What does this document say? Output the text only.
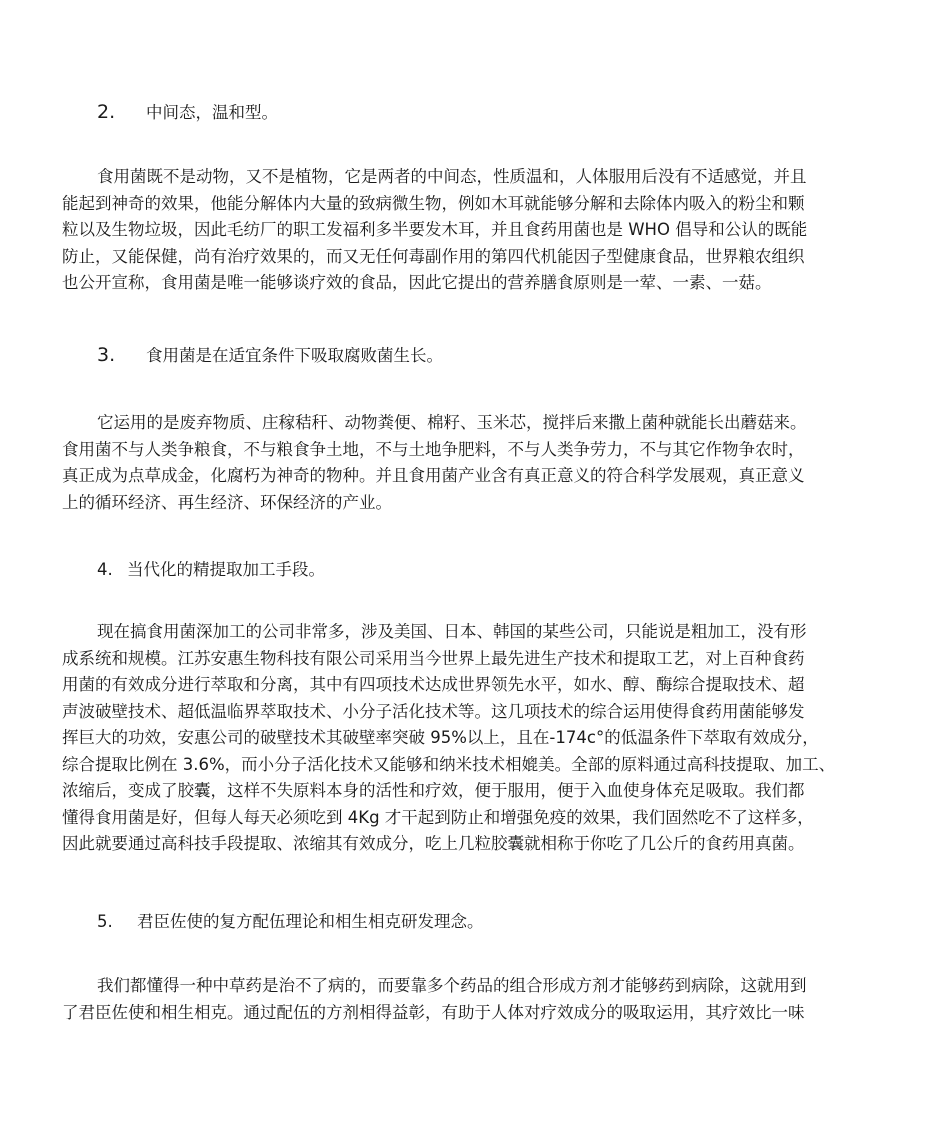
2. 中间态，温和型。
食用菌既不是动物，又不是植物，它是两者的中间态，性质温和，人体服用后没有不适感觉，并且
能起到神奇的效果，他能分解体内大量的致病微生物，例如木耳就能够分解和去除体内吸入的粉尘和颗
粒以及生物垃圾，因此毛纺厂的职工发福利多半要发木耳，并且食药用菌也是 WHO 倡导和公认的既能
防止，又能保健，尚有治疗效果的，而又无任何毒副作用的第四代机能因子型健康食品，世界粮农组织
也公开宣称，食用菌是唯一能够谈疗效的食品，因此它提出的营养膳食原则是一荤、一素、一菇。
3. 食用菌是在适宜条件下吸取腐败菌生长。
它运用的是废弃物质、庄稼秸秆、动物粪便、棉籽、玉米芯，搅拌后来撒上菌种就能长出蘑菇来。
食用菌不与人类争粮食，不与粮食争土地，不与土地争肥料，不与人类争劳力，不与其它作物争农时，
真正成为点草成金，化腐朽为神奇的物种。并且食用菌产业含有真正意义的符合科学发展观，真正意义
上的循环经济、再生经济、环保经济的产业。
4. 当代化的精提取加工手段。
现在搞食用菌深加工的公司非常多，涉及美国、日本、韩国的某些公司，只能说是粗加工，没有形
成系统和规模。江苏安惠生物科技有限公司采用当今世界上最先进生产技术和提取工艺，对上百种食药
用菌的有效成分进行萃取和分离，其中有四项技术达成世界领先水平，如水、醇、酶综合提取技术、超
声波破壁技术、超低温临界萃取技术、小分子活化技术等。这几项技术的综合运用使得食药用菌能够发
挥巨大的功效，安惠公司的破壁技术其破壁率突破 95%以上，且在-174c°的低温条件下萃取有效成分，
综合提取比例在 3.6%，而小分子活化技术又能够和纳米技术相媲美。全部的原料通过高科技提取、加工、
浓缩后，变成了胶囊，这样不失原料本身的活性和疗效，便于服用，便于入血使身体充足吸取。我们都
懂得食用菌是好，但每人每天必须吃到 4Kg 才干起到防止和增强免疫的效果，我们固然吃不了这样多，
因此就要通过高科技手段提取、浓缩其有效成分，吃上几粒胶囊就相称于你吃了几公斤的食药用真菌。
5. 君臣佐使的复方配伍理论和相生相克研发理念。
我们都懂得一种中草药是治不了病的，而要靠多个药品的组合形成方剂才能够药到病除，这就用到
了君臣佐使和相生相克。通过配伍的方剂相得益彰，有助于人体对疗效成分的吸取运用，其疗效比一味
